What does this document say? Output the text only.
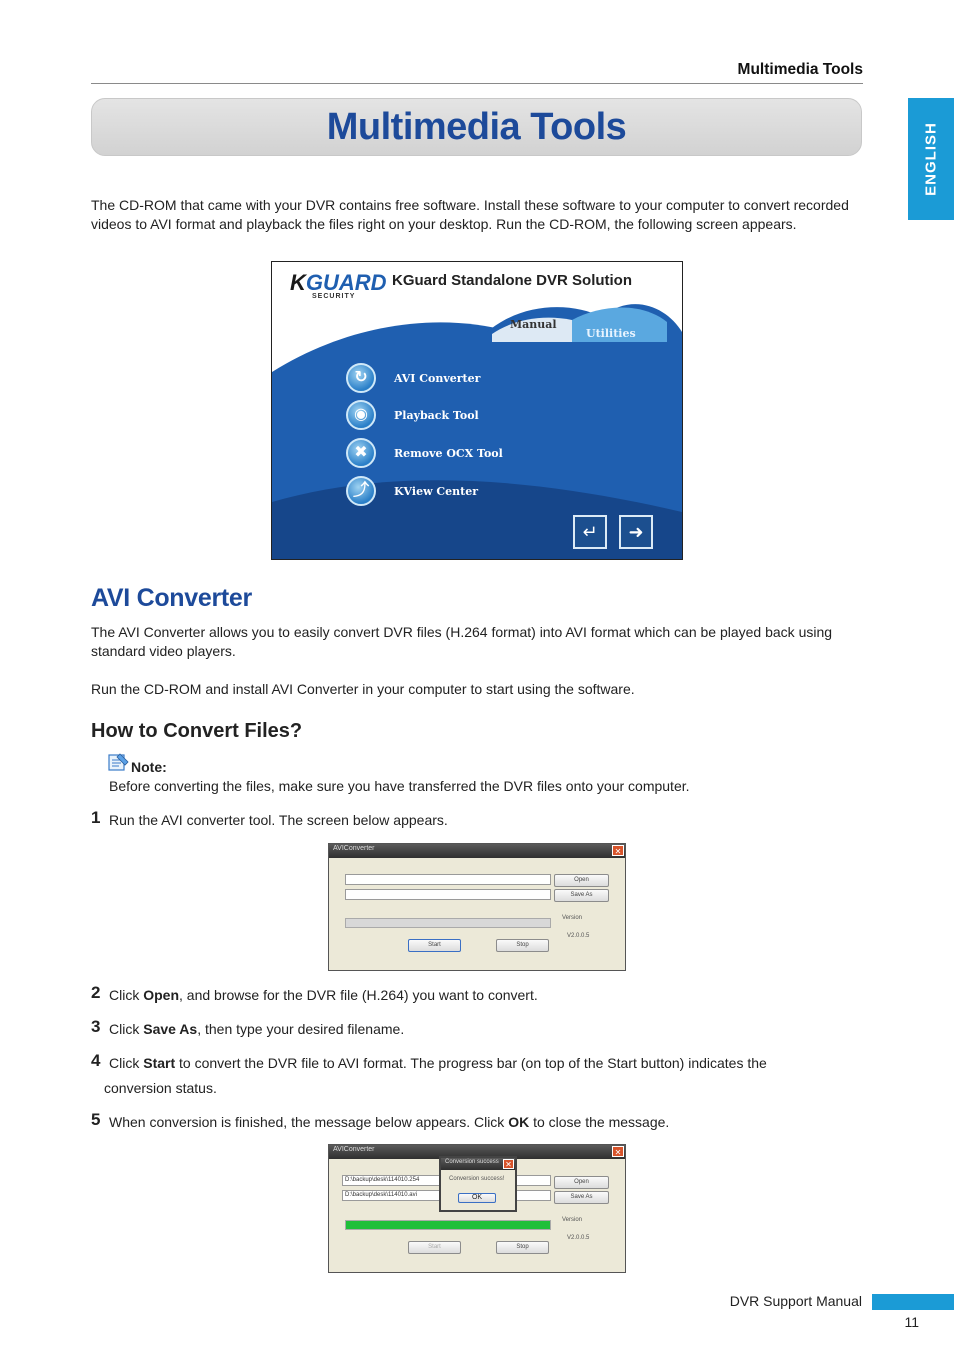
Multimedia Tools
Multimedia Tools	ENGLISH
The CD-ROM that came with your DVR contains free software. Install these software to your computer to convert recorded videos to AVI format and playback the files right on your desktop. Run the CD-ROM, the following screen appears.
KGUARD
SECURITY
KGuard Standalone DVR Solution
Manual
Utilities
↻	AVI Converter
◉	Playback Tool
✖	Remove OCX Tool
⤴	KView Center
↵	➜
AVI Converter
The AVI Converter allows you to easily convert DVR files (H.264 format) into AVI format which can be played back using standard video players.
Run the CD-ROM and install AVI Converter in your computer to start using the software.
How to Convert Files?
Note:
Before converting the files, make sure you have transferred the DVR files onto your computer.
1 Run the AVI converter tool. The screen below appears.
AVIConverter	✕
Open
Save As
Version
V2.0.0.5
Start	Stop
2 Click Open, and browse for the DVR file (H.264) you want to convert.
3 Click Save As, then type your desired filename.
4 Click Start to convert the DVR file to AVI format. The progress bar (on top of the Start button) indicates the
conversion status.
5 When conversion is finished, the message below appears. Click OK to close the message.
AVIConverter	✕
D:\backup\desk\114010.254
D:\backup\desk\114010.avi
Open
Save As
Version
V2.0.0.5
Start	Stop
Conversion success ✕
Conversion success!
OK
DVR Support Manual
11
